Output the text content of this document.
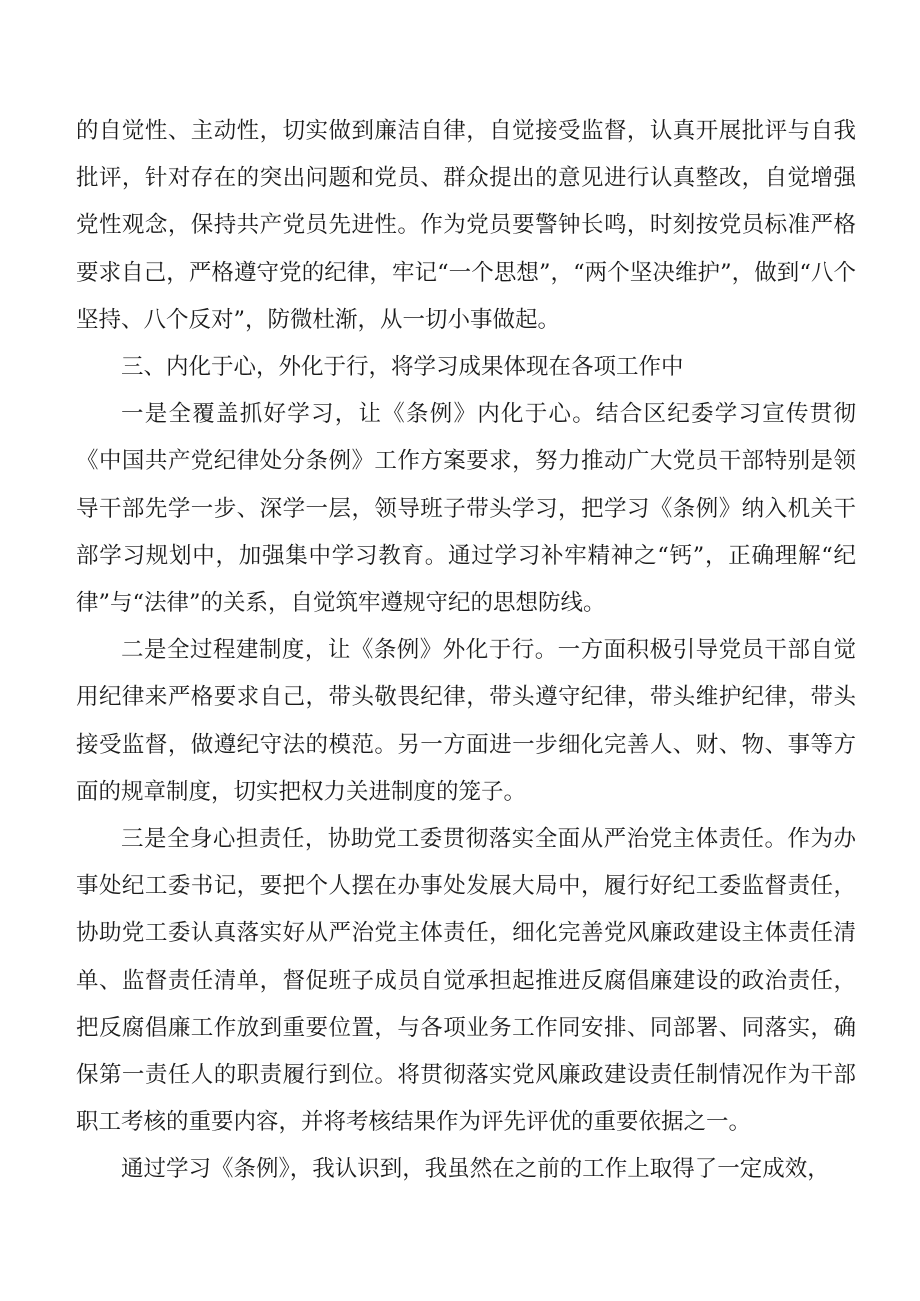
的自觉性、主动性，切实做到廉洁自律，自觉接受监督，认真开展批评与自我批评，针对存在的突出问题和党员、群众提出的意见进行认真整改，自觉增强党性观念，保持共产党员先进性。作为党员要警钟长鸣，时刻按党员标准严格要求自己，严格遵守党的纪律，牢记“一个思想”，“两个坚决维护”，做到“八个坚持、八个反对”，防微杜渐，从一切小事做起。

三、内化于心，外化于行，将学习成果体现在各项工作中

一是全覆盖抓好学习，让《条例》内化于心。结合区纪委学习宣传贯彻《中国共产党纪律处分条例》工作方案要求，努力推动广大党员干部特别是领导干部先学一步、深学一层，领导班子带头学习，把学习《条例》纳入机关干部学习规划中，加强集中学习教育。通过学习补牢精神之“钙”，正确理解“纪律”与“法律”的关系，自觉筑牢遵规守纪的思想防线。

二是全过程建制度，让《条例》外化于行。一方面积极引导党员干部自觉用纪律来严格要求自己，带头敬畏纪律，带头遵守纪律，带头维护纪律，带头接受监督，做遵纪守法的模范。另一方面进一步细化完善人、财、物、事等方面的规章制度，切实把权力关进制度的笼子。

三是全身心担责任，协助党工委贯彻落实全面从严治党主体责任。作为办事处纪工委书记，要把个人摆在办事处发展大局中，履行好纪工委监督责任，协助党工委认真落实好从严治党主体责任，细化完善党风廉政建设主体责任清单、监督责任清单，督促班子成员自觉承担起推进反腐倡廉建设的政治责任，把反腐倡廉工作放到重要位置，与各项业务工作同安排、同部署、同落实，确保第一责任人的职责履行到位。将贯彻落实党风廉政建设责任制情况作为干部职工考核的重要内容，并将考核结果作为评先评优的重要依据之一。

通过学习《条例》，我认识到，我虽然在之前的工作上取得了一定成效，
